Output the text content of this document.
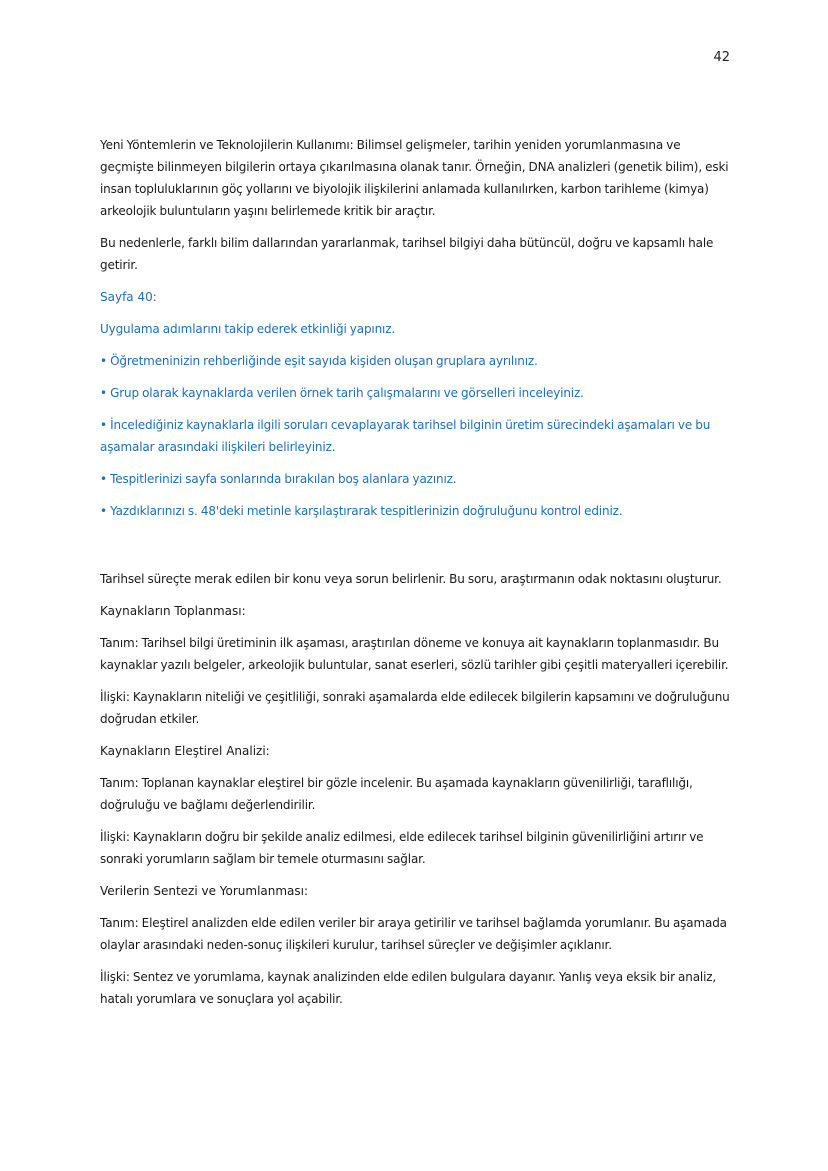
42

Yeni Yöntemlerin ve Teknolojilerin Kullanımı: Bilimsel gelişmeler, tarihin yeniden yorumlanmasına ve geçmişte bilinmeyen bilgilerin ortaya çıkarılmasına olanak tanır. Örneğin, DNA analizleri (genetik bilim), eski insan topluluklarının göç yollarını ve biyolojik ilişkilerini anlamada kullanılırken, karbon tarihleme (kimya) arkeolojik buluntuların yaşını belirlemede kritik bir araçtır.

Bu nedenlerle, farklı bilim dallarından yararlanmak, tarihsel bilgiyi daha bütüncül, doğru ve kapsamlı hale getirir.

Sayfa 40:

Uygulama adımlarını takip ederek etkinliği yapınız.

• Öğretmeninizin rehberliğinde eşit sayıda kişiden oluşan gruplara ayrılınız.

• Grup olarak kaynaklarda verilen örnek tarih çalışmalarını ve görselleri inceleyiniz.

• İncelediğiniz kaynaklarla ilgili soruları cevaplayarak tarihsel bilginin üretim sürecindeki aşamaları ve bu aşamalar arasındaki ilişkileri belirleyiniz.

• Tespitlerinizi sayfa sonlarında bırakılan boş alanlara yazınız.

• Yazdıklarınızı s. 48'deki metinle karşılaştırarak tespitlerinizin doğruluğunu kontrol ediniz.

Tarihsel süreçte merak edilen bir konu veya sorun belirlenir. Bu soru, araştırmanın odak noktasını oluşturur.

Kaynakların Toplanması:

Tanım: Tarihsel bilgi üretiminin ilk aşaması, araştırılan döneme ve konuya ait kaynakların toplanmasıdır. Bu kaynaklar yazılı belgeler, arkeolojik buluntular, sanat eserleri, sözlü tarihler gibi çeşitli materyalleri içerebilir.

İlişki: Kaynakların niteliği ve çeşitliliği, sonraki aşamalarda elde edilecek bilgilerin kapsamını ve doğruluğunu doğrudan etkiler.

Kaynakların Eleştirel Analizi:

Tanım: Toplanan kaynaklar eleştirel bir gözle incelenir. Bu aşamada kaynakların güvenilirliği, taraflılığı, doğruluğu ve bağlamı değerlendirilir.

İlişki: Kaynakların doğru bir şekilde analiz edilmesi, elde edilecek tarihsel bilginin güvenilirliğini artırır ve sonraki yorumların sağlam bir temele oturmasını sağlar.

Verilerin Sentezi ve Yorumlanması:

Tanım: Eleştirel analizden elde edilen veriler bir araya getirilir ve tarihsel bağlamda yorumlanır. Bu aşamada olaylar arasındaki neden-sonuç ilişkileri kurulur, tarihsel süreçler ve değişimler açıklanır.

İlişki: Sentez ve yorumlama, kaynak analizinden elde edilen bulgulara dayanır. Yanlış veya eksik bir analiz, hatalı yorumlara ve sonuçlara yol açabilir.
